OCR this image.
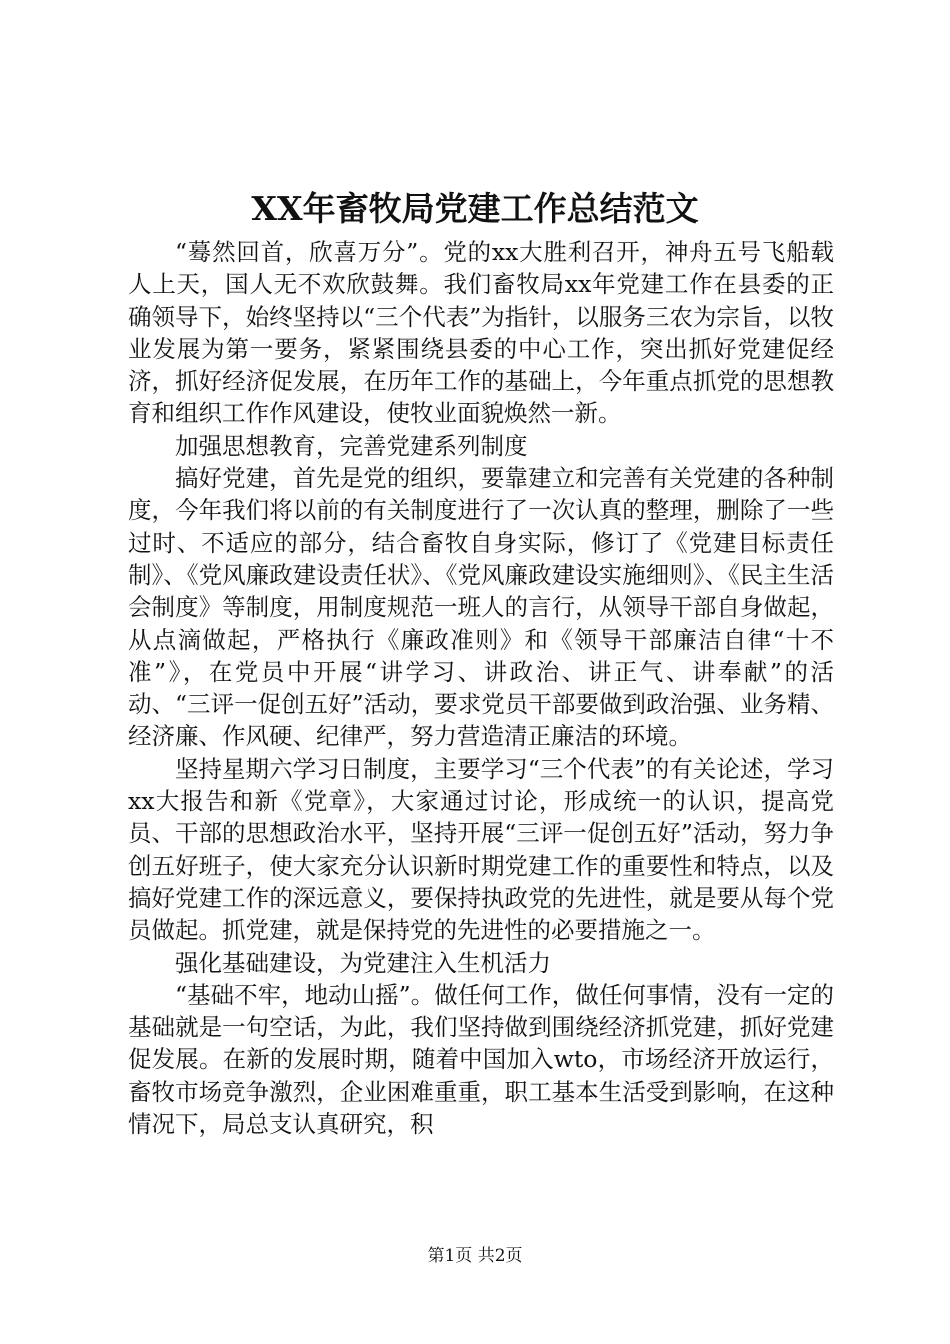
XX年畜牧局党建工作总结范文

“蓦然回首，欣喜万分”。党的xx大胜利召开，神舟五号飞船载人上天，国人无不欢欣鼓舞。我们畜牧局xx年党建工作在县委的正确领导下，始终坚持以“三个代表”为指针，以服务三农为宗旨，以牧业发展为第一要务，紧紧围绕县委的中心工作，突出抓好党建促经济，抓好经济促发展，在历年工作的基础上，今年重点抓党的思想教育和组织工作作风建设，使牧业面貌焕然一新。

加强思想教育，完善党建系列制度

搞好党建，首先是党的组织，要靠建立和完善有关党建的各种制度，今年我们将以前的有关制度进行了一次认真的整理，删除了一些过时、不适应的部分，结合畜牧自身实际，修订了《党建目标责任制》、《党风廉政建设责任状》、《党风廉政建设实施细则》、《民主生活会制度》等制度，用制度规范一班人的言行，从领导干部自身做起，从点滴做起，严格执行《廉政准则》和《领导干部廉洁自律“十不准”》，在党员中开展“讲学习、讲政治、讲正气、讲奉献”的活动、“三评一促创五好”活动，要求党员干部要做到政治强、业务精、经济廉、作风硬、纪律严，努力营造清正廉洁的环境。

坚持星期六学习日制度，主要学习“三个代表”的有关论述，学习xx大报告和新《党章》，大家通过讨论，形成统一的认识，提高党员、干部的思想政治水平，坚持开展“三评一促创五好”活动，努力争创五好班子，使大家充分认识新时期党建工作的重要性和特点，以及搞好党建工作的深远意义，要保持执政党的先进性，就是要从每个党员做起。抓党建，就是保持党的先进性的必要措施之一。

强化基础建设，为党建注入生机活力

“基础不牢，地动山摇”。做任何工作，做任何事情，没有一定的基础就是一句空话，为此，我们坚持做到围绕经济抓党建，抓好党建促发展。在新的发展时期，随着中国加入wto，市场经济开放运行，畜牧市场竞争激烈，企业困难重重，职工基本生活受到影响，在这种情况下，局总支认真研究，积

第1页 共2页
